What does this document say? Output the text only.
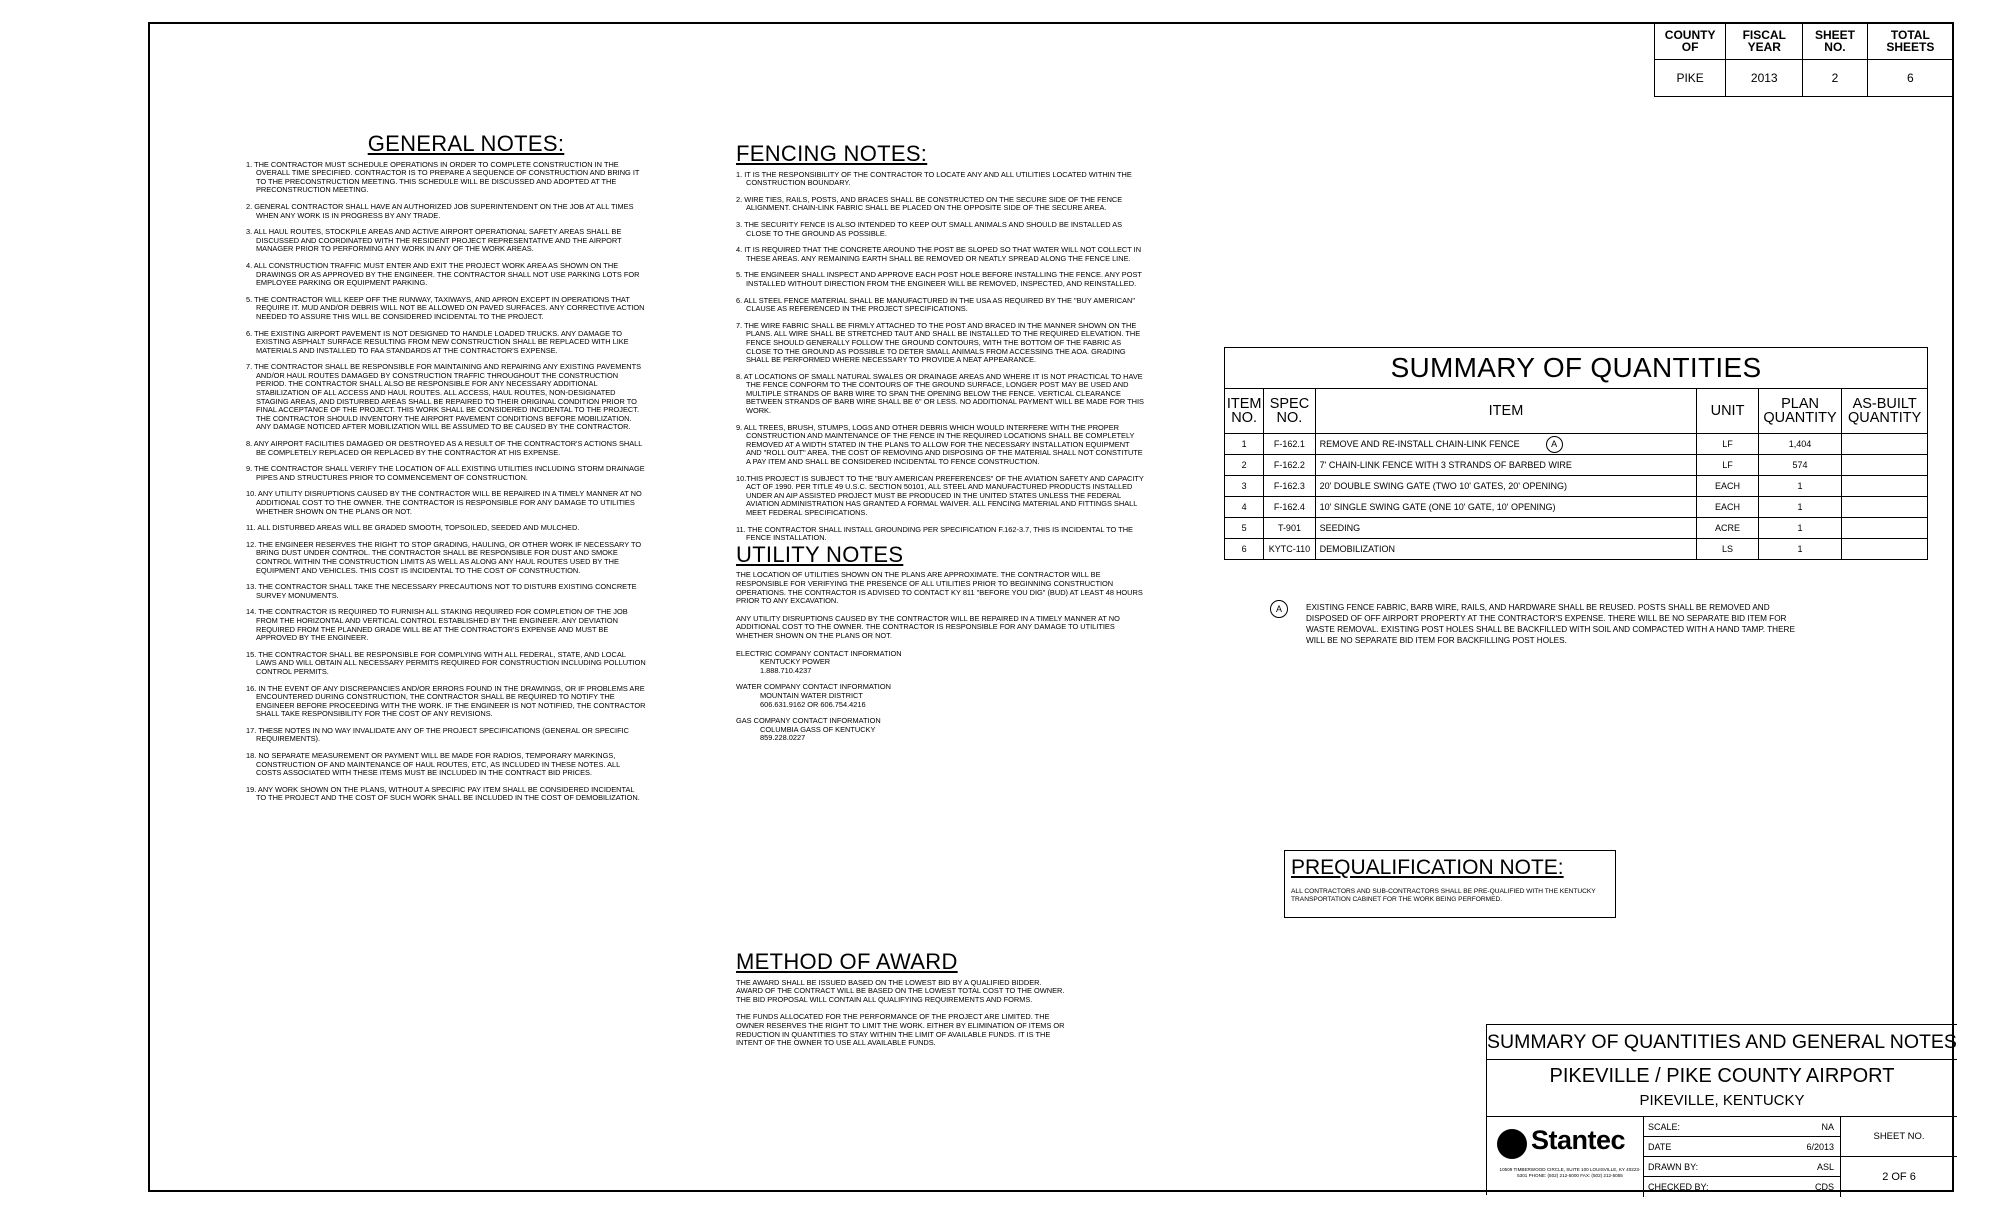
COUNTY OF	FISCAL YEAR	SHEET NO.	TOTAL SHEETS
PIKE	2013	2	6
GENERAL NOTES:
1. THE CONTRACTOR MUST SCHEDULE OPERATIONS IN ORDER TO COMPLETE CONSTRUCTION IN THE OVERALL TIME SPECIFIED. CONTRACTOR IS TO PREPARE A SEQUENCE OF CONSTRUCTION AND BRING IT TO THE PRECONSTRUCTION MEETING. THIS SCHEDULE WILL BE DISCUSSED AND ADOPTED AT THE PRECONSTRUCTION MEETING.
2. GENERAL CONTRACTOR SHALL HAVE AN AUTHORIZED JOB SUPERINTENDENT ON THE JOB AT ALL TIMES WHEN ANY WORK IS IN PROGRESS BY ANY TRADE.
3. ALL HAUL ROUTES, STOCKPILE AREAS AND ACTIVE AIRPORT OPERATIONAL SAFETY AREAS SHALL BE DISCUSSED AND COORDINATED WITH THE RESIDENT PROJECT REPRESENTATIVE AND THE AIRPORT MANAGER PRIOR TO PERFORMING ANY WORK IN ANY OF THE WORK AREAS.
4. ALL CONSTRUCTION TRAFFIC MUST ENTER AND EXIT THE PROJECT WORK AREA AS SHOWN ON THE DRAWINGS OR AS APPROVED BY THE ENGINEER. THE CONTRACTOR SHALL NOT USE PARKING LOTS FOR EMPLOYEE PARKING OR EQUIPMENT PARKING.
5. THE CONTRACTOR WILL KEEP OFF THE RUNWAY, TAXIWAYS, AND APRON EXCEPT IN OPERATIONS THAT REQUIRE IT. MUD AND/OR DEBRIS WILL NOT BE ALLOWED ON PAVED SURFACES. ANY CORRECTIVE ACTION NEEDED TO ASSURE THIS WILL BE CONSIDERED INCIDENTAL TO THE PROJECT.
6. THE EXISTING AIRPORT PAVEMENT IS NOT DESIGNED TO HANDLE LOADED TRUCKS. ANY DAMAGE TO EXISTING ASPHALT SURFACE RESULTING FROM NEW CONSTRUCTION SHALL BE REPLACED WITH LIKE MATERIALS AND INSTALLED TO FAA STANDARDS AT THE CONTRACTOR'S EXPENSE.
7. THE CONTRACTOR SHALL BE RESPONSIBLE FOR MAINTAINING AND REPAIRING ANY EXISTING PAVEMENTS AND/OR HAUL ROUTES DAMAGED BY CONSTRUCTION TRAFFIC THROUGHOUT THE CONSTRUCTION PERIOD. THE CONTRACTOR SHALL ALSO BE RESPONSIBLE FOR ANY NECESSARY ADDITIONAL STABILIZATION OF ALL ACCESS AND HAUL ROUTES. ALL ACCESS, HAUL ROUTES, NON-DESIGNATED STAGING AREAS, AND DISTURBED AREAS SHALL BE REPAIRED TO THEIR ORIGINAL CONDITION PRIOR TO FINAL ACCEPTANCE OF THE PROJECT. THIS WORK SHALL BE CONSIDERED INCIDENTAL TO THE PROJECT. THE CONTRACTOR SHOULD INVENTORY THE AIRPORT PAVEMENT CONDITIONS BEFORE MOBILIZATION. ANY DAMAGE NOTICED AFTER MOBILIZATION WILL BE ASSUMED TO BE CAUSED BY THE CONTRACTOR.
8. ANY AIRPORT FACILITIES DAMAGED OR DESTROYED AS A RESULT OF THE CONTRACTOR'S ACTIONS SHALL BE COMPLETELY REPLACED OR REPLACED BY THE CONTRACTOR AT HIS EXPENSE.
9. THE CONTRACTOR SHALL VERIFY THE LOCATION OF ALL EXISTING UTILITIES INCLUDING STORM DRAINAGE PIPES AND STRUCTURES PRIOR TO COMMENCEMENT OF CONSTRUCTION.
10. ANY UTILITY DISRUPTIONS CAUSED BY THE CONTRACTOR WILL BE REPAIRED IN A TIMELY MANNER AT NO ADDITIONAL COST TO THE OWNER. THE CONTRACTOR IS RESPONSIBLE FOR ANY DAMAGE TO UTILITIES WHETHER SHOWN ON THE PLANS OR NOT.
11. ALL DISTURBED AREAS WILL BE GRADED SMOOTH, TOPSOILED, SEEDED AND MULCHED.
12. THE ENGINEER RESERVES THE RIGHT TO STOP GRADING, HAULING, OR OTHER WORK IF NECESSARY TO BRING DUST UNDER CONTROL. THE CONTRACTOR SHALL BE RESPONSIBLE FOR DUST AND SMOKE CONTROL WITHIN THE CONSTRUCTION LIMITS AS WELL AS ALONG ANY HAUL ROUTES USED BY THE EQUIPMENT AND VEHICLES. THIS COST IS INCIDENTAL TO THE COST OF CONSTRUCTION.
13. THE CONTRACTOR SHALL TAKE THE NECESSARY PRECAUTIONS NOT TO DISTURB EXISTING CONCRETE SURVEY MONUMENTS.
14. THE CONTRACTOR IS REQUIRED TO FURNISH ALL STAKING REQUIRED FOR COMPLETION OF THE JOB FROM THE HORIZONTAL AND VERTICAL CONTROL ESTABLISHED BY THE ENGINEER. ANY DEVIATION REQUIRED FROM THE PLANNED GRADE WILL BE AT THE CONTRACTOR'S EXPENSE AND MUST BE APPROVED BY THE ENGINEER.
15. THE CONTRACTOR SHALL BE RESPONSIBLE FOR COMPLYING WITH ALL FEDERAL, STATE, AND LOCAL LAWS AND WILL OBTAIN ALL NECESSARY PERMITS REQUIRED FOR CONSTRUCTION INCLUDING POLLUTION CONTROL PERMITS.
16. IN THE EVENT OF ANY DISCREPANCIES AND/OR ERRORS FOUND IN THE DRAWINGS, OR IF PROBLEMS ARE ENCOUNTERED DURING CONSTRUCTION, THE CONTRACTOR SHALL BE REQUIRED TO NOTIFY THE ENGINEER BEFORE PROCEEDING WITH THE WORK. IF THE ENGINEER IS NOT NOTIFIED, THE CONTRACTOR SHALL TAKE RESPONSIBILITY FOR THE COST OF ANY REVISIONS.
17. THESE NOTES IN NO WAY INVALIDATE ANY OF THE PROJECT SPECIFICATIONS (GENERAL OR SPECIFIC REQUIREMENTS).
18. NO SEPARATE MEASUREMENT OR PAYMENT WILL BE MADE FOR RADIOS, TEMPORARY MARKINGS, CONSTRUCTION OF AND MAINTENANCE OF HAUL ROUTES, ETC, AS INCLUDED IN THESE NOTES. ALL COSTS ASSOCIATED WITH THESE ITEMS MUST BE INCLUDED IN THE CONTRACT BID PRICES.
19. ANY WORK SHOWN ON THE PLANS, WITHOUT A SPECIFIC PAY ITEM SHALL BE CONSIDERED INCIDENTAL TO THE PROJECT AND THE COST OF SUCH WORK SHALL BE INCLUDED IN THE COST OF DEMOBILIZATION.
FENCING NOTES:
1. IT IS THE RESPONSIBILITY OF THE CONTRACTOR TO LOCATE ANY AND ALL UTILITIES LOCATED WITHIN THE CONSTRUCTION BOUNDARY.
2. WIRE TIES, RAILS, POSTS, AND BRACES SHALL BE CONSTRUCTED ON THE SECURE SIDE OF THE FENCE ALIGNMENT. CHAIN-LINK FABRIC SHALL BE PLACED ON THE OPPOSITE SIDE OF THE SECURE AREA.
3. THE SECURITY FENCE IS ALSO INTENDED TO KEEP OUT SMALL ANIMALS AND SHOULD BE INSTALLED AS CLOSE TO THE GROUND AS POSSIBLE.
4. IT IS REQUIRED THAT THE CONCRETE AROUND THE POST BE SLOPED SO THAT WATER WILL NOT COLLECT IN THESE AREAS. ANY REMAINING EARTH SHALL BE REMOVED OR NEATLY SPREAD ALONG THE FENCE LINE.
5. THE ENGINEER SHALL INSPECT AND APPROVE EACH POST HOLE BEFORE INSTALLING THE FENCE. ANY POST INSTALLED WITHOUT DIRECTION FROM THE ENGINEER WILL BE REMOVED, INSPECTED, AND REINSTALLED.
6. ALL STEEL FENCE MATERIAL SHALL BE MANUFACTURED IN THE USA AS REQUIRED BY THE "BUY AMERICAN" CLAUSE AS REFERENCED IN THE PROJECT SPECIFICATIONS.
7. THE WIRE FABRIC SHALL BE FIRMLY ATTACHED TO THE POST AND BRACED IN THE MANNER SHOWN ON THE PLANS. ALL WIRE SHALL BE STRETCHED TAUT AND SHALL BE INSTALLED TO THE REQUIRED ELEVATION. THE FENCE SHOULD GENERALLY FOLLOW THE GROUND CONTOURS, WITH THE BOTTOM OF THE FABRIC AS CLOSE TO THE GROUND AS POSSIBLE TO DETER SMALL ANIMALS FROM ACCESSING THE AOA. GRADING SHALL BE PERFORMED WHERE NECESSARY TO PROVIDE A NEAT APPEARANCE.
8. AT LOCATIONS OF SMALL NATURAL SWALES OR DRAINAGE AREAS AND WHERE IT IS NOT PRACTICAL TO HAVE THE FENCE CONFORM TO THE CONTOURS OF THE GROUND SURFACE, LONGER POST MAY BE USED AND MULTIPLE STRANDS OF BARB WIRE TO SPAN THE OPENING BELOW THE FENCE. VERTICAL CLEARANCE BETWEEN STRANDS OF BARB WIRE SHALL BE 6" OR LESS. NO ADDITIONAL PAYMENT WILL BE MADE FOR THIS WORK.
9. ALL TREES, BRUSH, STUMPS, LOGS AND OTHER DEBRIS WHICH WOULD INTERFERE WITH THE PROPER CONSTRUCTION AND MAINTENANCE OF THE FENCE IN THE REQUIRED LOCATIONS SHALL BE COMPLETELY REMOVED AT A WIDTH STATED IN THE PLANS TO ALLOW FOR THE NECESSARY INSTALLATION EQUIPMENT AND "ROLL OUT" AREA. THE COST OF REMOVING AND DISPOSING OF THE MATERIAL SHALL NOT CONSTITUTE A PAY ITEM AND SHALL BE CONSIDERED INCIDENTAL TO FENCE CONSTRUCTION.
10.THIS PROJECT IS SUBJECT TO THE "BUY AMERICAN PREFERENCES" OF THE AVIATION SAFETY AND CAPACITY ACT OF 1990. PER TITLE 49 U.S.C. SECTION 50101, ALL STEEL AND MANUFACTURED PRODUCTS INSTALLED UNDER AN AIP ASSISTED PROJECT MUST BE PRODUCED IN THE UNITED STATES UNLESS THE FEDERAL AVIATION ADMINISTRATION HAS GRANTED A FORMAL WAIVER. ALL FENCING MATERIAL AND FITTINGS SHALL MEET FEDERAL SPECIFICATIONS.
11. THE CONTRACTOR SHALL INSTALL GROUNDING PER SPECIFICATION F.162-3.7, THIS IS INCIDENTAL TO THE FENCE INSTALLATION.
UTILITY NOTES
THE LOCATION OF UTILITIES SHOWN ON THE PLANS ARE APPROXIMATE. THE CONTRACTOR WILL BE RESPONSIBLE FOR VERIFYING THE PRESENCE OF ALL UTILITIES PRIOR TO BEGINNING CONSTRUCTION OPERATIONS. THE CONTRACTOR IS ADVISED TO CONTACT KY 811 "BEFORE YOU DIG" (BUD) AT LEAST 48 HOURS PRIOR TO ANY EXCAVATION.
ANY UTILITY DISRUPTIONS CAUSED BY THE CONTRACTOR WILL BE REPAIRED IN A TIMELY MANNER AT NO ADDITIONAL COST TO THE OWNER. THE CONTRACTOR IS RESPONSIBLE FOR ANY DAMAGE TO UTILITIES WHETHER SHOWN ON THE PLANS OR NOT.
ELECTRIC COMPANY CONTACT INFORMATION
KENTUCKY POWER
1.888.710.4237
WATER COMPANY CONTACT INFORMATION
MOUNTAIN WATER DISTRICT
606.631.9162 OR 606.754.4216
GAS COMPANY CONTACT INFORMATION
COLUMBIA GASS OF KENTUCKY
859.228.0227
METHOD OF AWARD
THE AWARD SHALL BE ISSUED BASED ON THE LOWEST BID BY A QUALIFIED BIDDER. AWARD OF THE CONTRACT WILL BE BASED ON THE LOWEST TOTAL COST TO THE OWNER. THE BID PROPOSAL WILL CONTAIN ALL QUALIFYING REQUIREMENTS AND FORMS.
THE FUNDS ALLOCATED FOR THE PERFORMANCE OF THE PROJECT ARE LIMITED. THE OWNER RESERVES THE RIGHT TO LIMIT THE WORK. EITHER BY ELIMINATION OF ITEMS OR REDUCTION IN QUANTITIES TO STAY WITHIN THE LIMIT OF AVAILABLE FUNDS. IT IS THE INTENT OF THE OWNER TO USE ALL AVAILABLE FUNDS.
SUMMARY OF QUANTITIES					
ITEM NO.	SPEC NO.	ITEM	UNIT	PLAN QUANTITY	AS-BUILT QUANTITY
1	F-162.1	REMOVE AND RE-INSTALL CHAIN-LINK FENCE A	LF	1,404	
2	F-162.2	7' CHAIN-LINK FENCE WITH 3 STRANDS OF BARBED WIRE	LF	574	
3	F-162.3	20' DOUBLE SWING GATE (TWO 10' GATES, 20' OPENING)	EACH	1	
4	F-162.4	10' SINGLE SWING GATE (ONE 10' GATE, 10' OPENING)	EACH	1	
5	T-901	SEEDING	ACRE	1	
6	KYTC-110	DEMOBILIZATION	LS	1	
A	EXISTING FENCE FABRIC, BARB WIRE, RAILS, AND HARDWARE SHALL BE REUSED. POSTS SHALL BE REMOVED AND DISPOSED OF OFF AIRPORT PROPERTY AT THE CONTRACTOR'S EXPENSE. THERE WILL BE NO SEPARATE BID ITEM FOR WASTE REMOVAL. EXISTING POST HOLES SHALL BE BACKFILLED WITH SOIL AND COMPACTED WITH A HAND TAMP. THERE WILL BE NO SEPARATE BID ITEM FOR BACKFILLING POST HOLES.
PREQUALIFICATION NOTE:
ALL CONTRACTORS AND SUB-CONTRACTORS SHALL BE PRE-QUALIFIED WITH THE KENTUCKY TRANSPORTATION CABINET FOR THE WORK BEING PERFORMED.
SUMMARY OF QUANTITIES AND GENERAL NOTES
PIKEVILLE / PIKE COUNTY AIRPORT
PIKEVILLE, KENTUCKY
Stantec
10509 TIMBERWOOD CIRCLE, SUITE 100 LOUISVILLE, KY 40223-5301 PHONE: (502) 212-5000 FAX: (502) 212-5055
SCALE:	NA
DATE	6/2013
DRAWN BY:	ASL
CHECKED BY:	CDS
SHEET NO.
2 OF 6
